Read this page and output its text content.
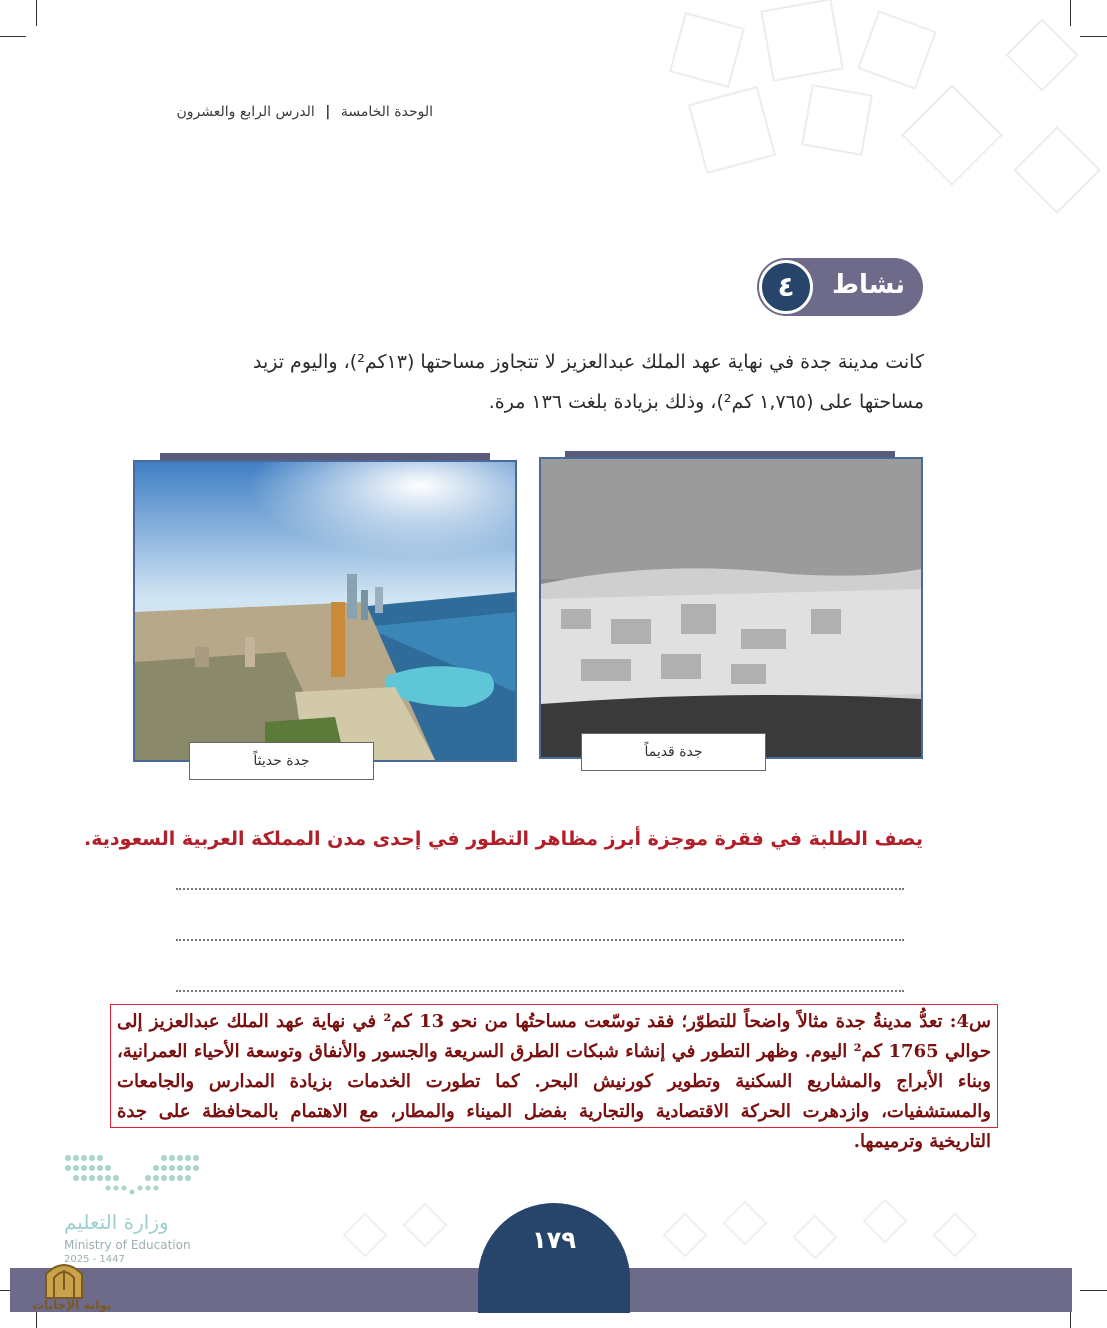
الوحدة الخامسة | الدرس الرابع والعشرون
نشاط
٤
كانت مدينة جدة في نهاية عهد الملك عبدالعزيز لا تتجاوز مساحتها (١٣كم²)، واليوم تزيد
مساحتها على (١,٧٦٥ كم²)، وذلك بزيادة بلغت ١٣٦ مرة.
جدة حديثاً
جدة قديماً
يصف الطلبة في فقرة موجزة أبرز مظاهر التطور في إحدى مدن المملكة العربية السعودية.
س4: تعدُّ مدينةُ جدة مثالاً واضحاً للتطوّر؛ فقد توسّعت مساحتُها من نحو 13 كم² في نهاية عهد الملك عبدالعزيز إلى حوالي 1765 كم² اليوم. وظهر التطور في إنشاء شبكات الطرق السريعة والجسور والأنفاق وتوسعة الأحياء العمرانية، وبناء الأبراج والمشاريع السكنية وتطوير كورنيش البحر. كما تطورت الخدمات بزيادة المدارس والجامعات والمستشفيات، وازدهرت الحركة الاقتصادية والتجارية بفضل الميناء والمطار، مع الاهتمام بالمحافظة على جدة التاريخية وترميمها.
وزارة التعليم
Ministry of Education
2025 - 1447
١٧٩
بوابة الإجابات
